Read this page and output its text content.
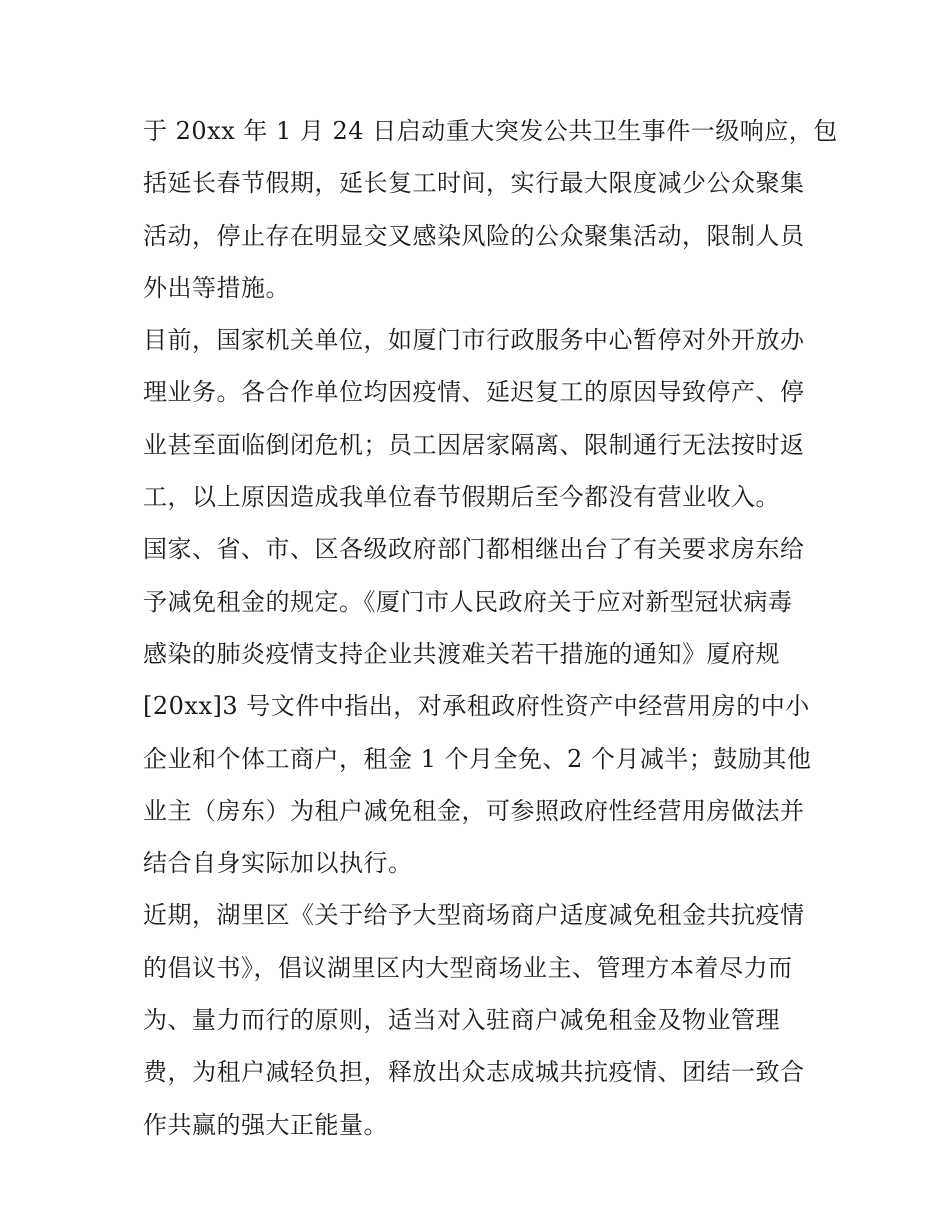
于 20xx 年 1 月 24 日启动重大突发公共卫生事件一级响应，包
括延长春节假期，延长复工时间，实行最大限度减少公众聚集
活动，停止存在明显交叉感染风险的公众聚集活动，限制人员
外出等措施。
目前，国家机关单位，如厦门市行政服务中心暂停对外开放办
理业务。各合作单位均因疫情、延迟复工的原因导致停产、停
业甚至面临倒闭危机；员工因居家隔离、限制通行无法按时返
工，以上原因造成我单位春节假期后至今都没有营业收入。
国家、省、市、区各级政府部门都相继出台了有关要求房东给
予减免租金的规定。《厦门市人民政府关于应对新型冠状病毒
感染的肺炎疫情支持企业共渡难关若干措施的通知》厦府规
[20xx]3 号文件中指出，对承租政府性资产中经营用房的中小
企业和个体工商户，租金 1 个月全免、2 个月减半；鼓励其他
业主（房东）为租户减免租金，可参照政府性经营用房做法并
结合自身实际加以执行。
近期，湖里区《关于给予大型商场商户适度减免租金共抗疫情
的倡议书》，倡议湖里区内大型商场业主、管理方本着尽力而
为、量力而行的原则，适当对入驻商户减免租金及物业管理
费，为租户减轻负担，释放出众志成城共抗疫情、团结一致合
作共赢的强大正能量。
